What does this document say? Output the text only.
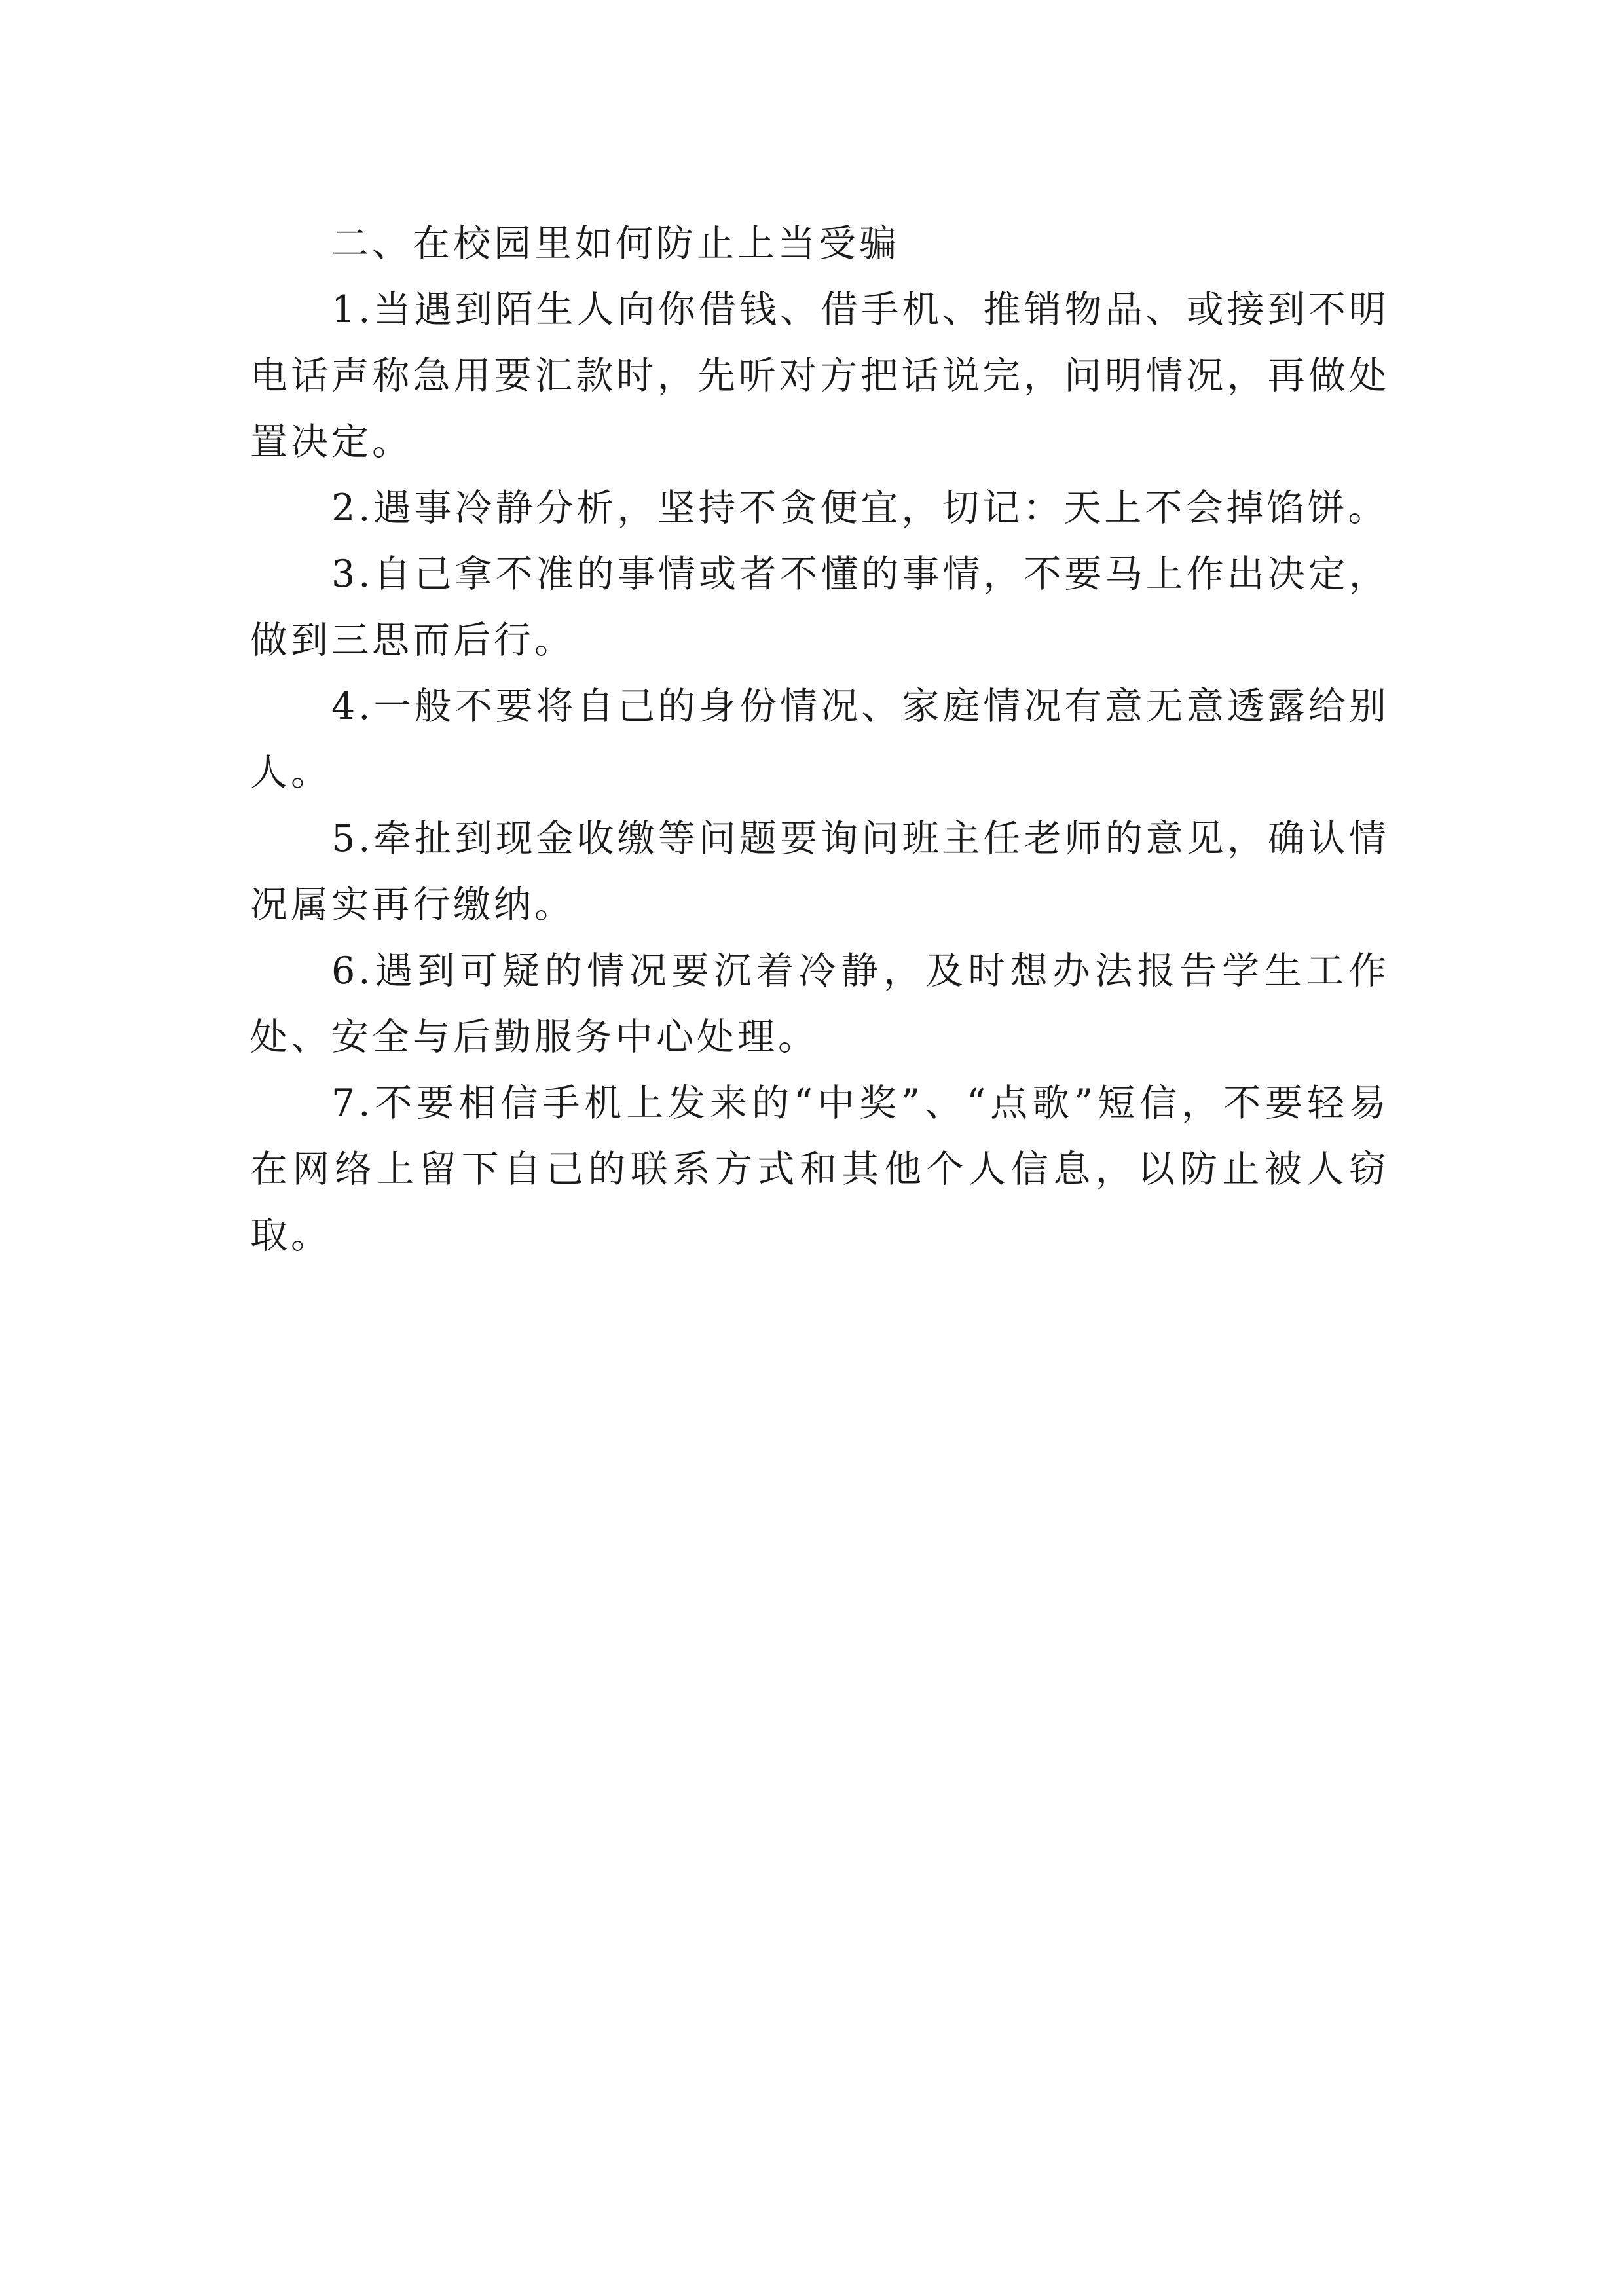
二、在校园里如何防止上当受骗

1.当遇到陌生人向你借钱、借手机、推销物品、或接到不明电话声称急用要汇款时，先听对方把话说完，问明情况，再做处置决定。

2.遇事冷静分析，坚持不贪便宜，切记：天上不会掉馅饼。

3.自己拿不准的事情或者不懂的事情，不要马上作出决定，做到三思而后行。

4.一般不要将自己的身份情况、家庭情况有意无意透露给别人。

5.牵扯到现金收缴等问题要询问班主任老师的意见，确认情况属实再行缴纳。

6.遇到可疑的情况要沉着冷静，及时想办法报告学生工作处、安全与后勤服务中心处理。

7.不要相信手机上发来的“中奖”、“点歌”短信，不要轻易在网络上留下自己的联系方式和其他个人信息，以防止被人窃取。
